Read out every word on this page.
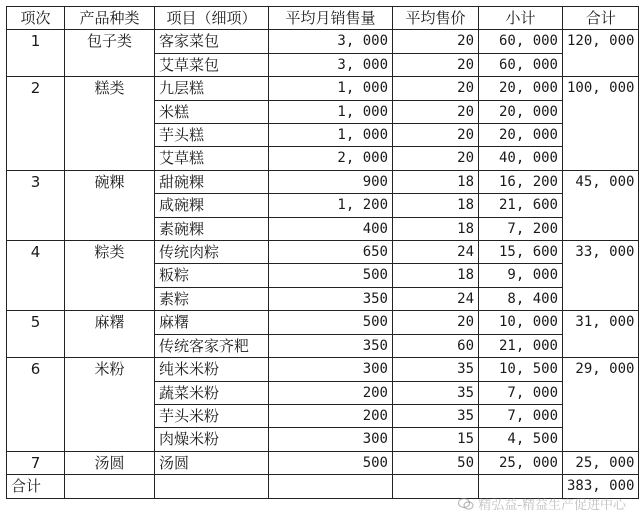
项次	产品种类	项目（细项）	平均月销售量	平均售价	小计	合计
1	包子类	客家菜包	3, 000	20	60, 000	120, 000
		艾草菜包	3, 000	20	60, 000	
2	糕类	九层糕	1, 000	20	20, 000	100, 000
		米糕	1, 000	20	20, 000	
		芋头糕	1, 000	20	20, 000	
		艾草糕	2, 000	20	40, 000	
3	碗粿	甜碗粿	900	18	16, 200	45, 000
		咸碗粿	1, 200	18	21, 600	
		素碗粿	400	18	7, 200	
4	粽类	传统肉粽	650	24	15, 600	33, 000
		粄粽	500	18	9, 000	
		素粽	350	24	8, 400	
5	麻糬	麻糬	500	20	10, 000	31, 000
		传统客家齐粑	350	60	21, 000	
6	米粉	纯米米粉	300	35	10, 500	29, 000
		蔬菜米粉	200	35	7, 000	
		芋头米粉	200	35	7, 000	
		肉燥米粉	300	15	4, 500	
7	汤圆	汤圆	500	50	25, 000	25, 000
合计						383, 000
精弘益-精益生产促进中心
